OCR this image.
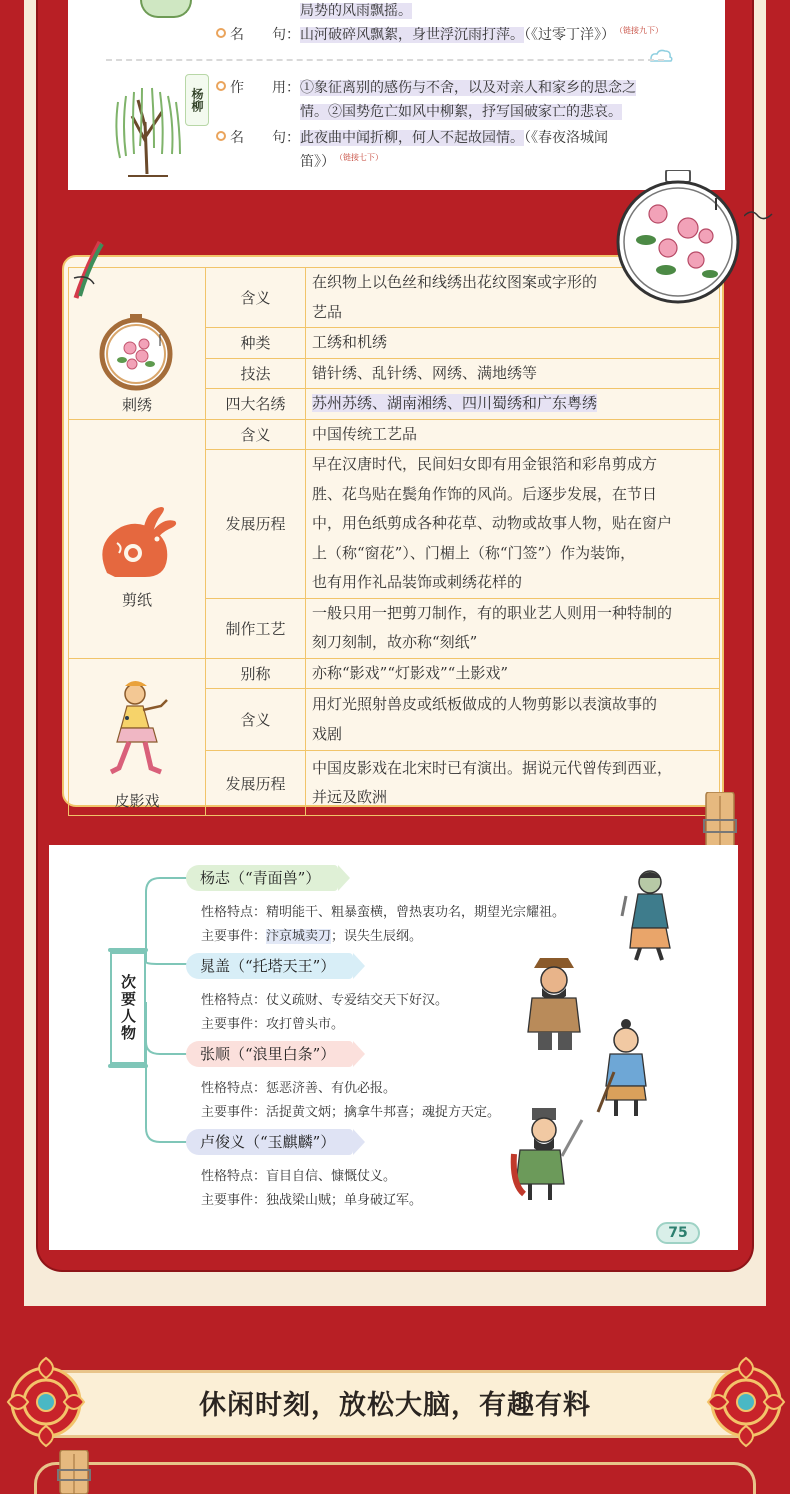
局势的风雨飘摇。
名　　句： 山河破碎风飘絮，身世浮沉雨打萍。（《过零丁洋》） $^{(链接九下)}$
杨柳	作　　用： ①象征离别的感伤与不舍，以及对亲人和家乡的思念之
情。②国势危亡如风中柳絮，抒写国破家亡的悲哀。
名　　句： 此夜曲中闻折柳，何人不起故园情。（《春夜洛城闻
笛》） $^{(链接七下)}$
刺绣	含义	在织物上以色丝和线绣出花纹图案或字形的
艺品

	种类	工绣和机绣

	技法	错针绣、乱针绣、网绣、满地绣等

	四大名绣	苏州苏绣、湖南湘绣、四川蜀绣和广东粤绣

剪纸	含义	中国传统工艺品

	发展历程	早在汉唐时代，民间妇女即有用金银箔和彩帛剪成方
胜、花鸟贴在鬓角作饰的风尚。后逐步发展，在节日
中，用色纸剪成各种花草、动物或故事人物，贴在窗户
上（称“窗花”）、门楣上（称“门签”）作为装饰，
也有用作礼品装饰或刺绣花样的

	制作工艺	一般只用一把剪刀制作，有的职业艺人则用一种特制的
刻刀刻制，故亦称“刻纸”

皮影戏	别称	亦称“影戏”“灯影戏”“土影戏”

	含义	用灯光照射兽皮或纸板做成的人物剪影以表演故事的
戏剧

	发展历程	中国皮影戏在北宋时已有演出。据说元代曾传到西亚，
并远及欧洲
次要人物
杨志（“青面兽”）
性格特点：精明能干、粗暴蛮横，曾热衷功名，期望光宗耀祖。
主要事件：汴京城卖刀；误失生辰纲。
晁盖（“托塔天王”）
性格特点：仗义疏财、专爱结交天下好汉。
主要事件：攻打曾头市。
张顺（“浪里白条”）
性格特点：惩恶济善、有仇必报。
主要事件：活捉黄文炳；擒拿牛邦喜；魂捉方天定。
卢俊义（“玉麒麟”）
性格特点：盲目自信、慷慨仗义。
主要事件：独战梁山贼；单身破辽军。
75
休闲时刻，放松大脑，有趣有料
